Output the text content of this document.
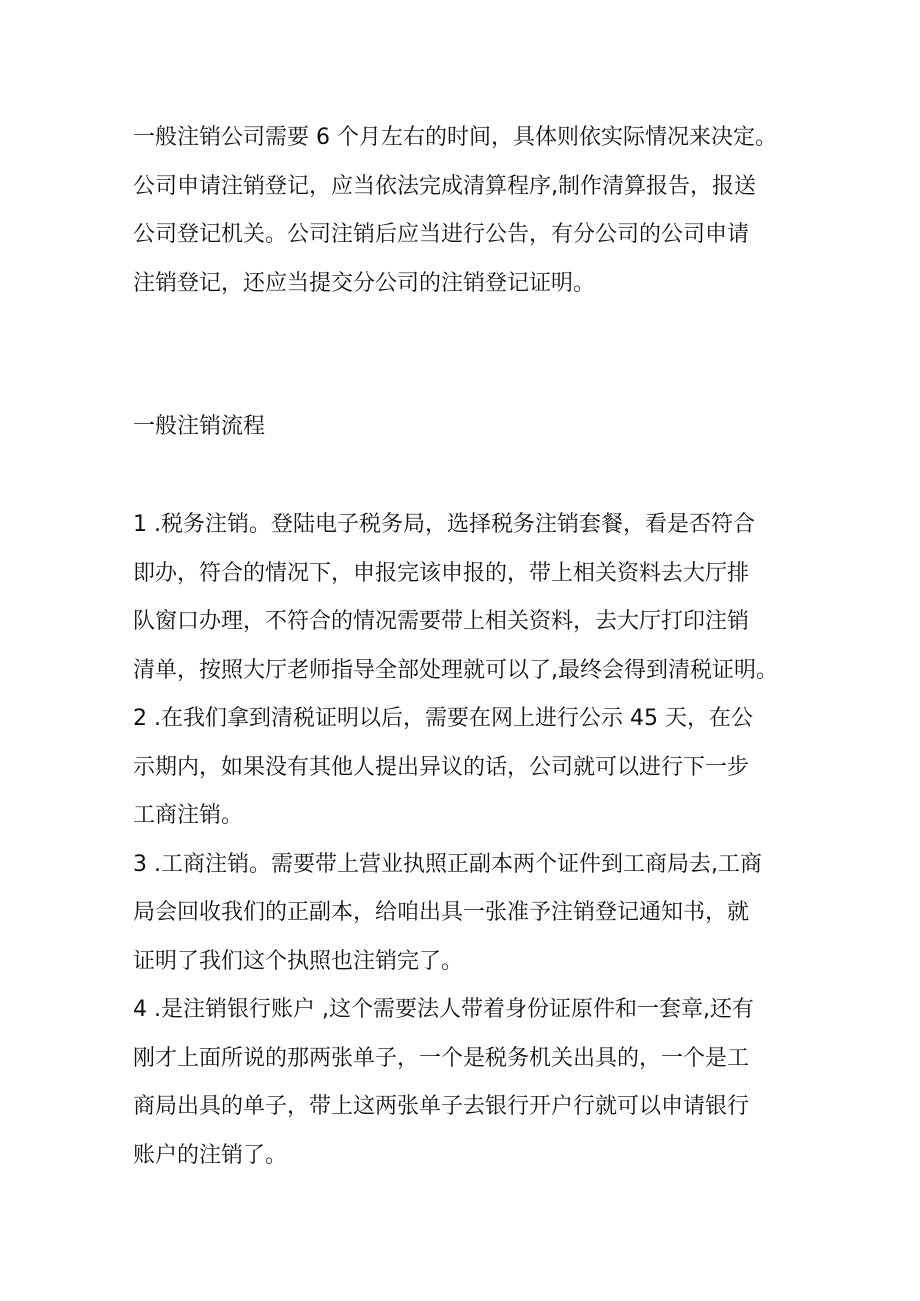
一般注销公司需要 6 个月左右的时间，具体则依实际情况来决定。
公司申请注销登记，应当依法完成清算程序,制作清算报告，报送
公司登记机关。公司注销后应当进行公告，有分公司的公司申请
注销登记，还应当提交分公司的注销登记证明。
一般注销流程
1 .税务注销。登陆电子税务局，选择税务注销套餐，看是否符合
即办，符合的情况下，申报完该申报的，带上相关资料去大厅排
队窗口办理，不符合的情况需要带上相关资料，去大厅打印注销
清单，按照大厅老师指导全部处理就可以了,最终会得到清税证明。
2 .在我们拿到清税证明以后，需要在网上进行公示 45 天，在公
示期内，如果没有其他人提出异议的话，公司就可以进行下一步
工商注销。
3 .工商注销。需要带上营业执照正副本两个证件到工商局去,工商
局会回收我们的正副本，给咱出具一张准予注销登记通知书，就
证明了我们这个执照也注销完了。
4 .是注销银行账户 ,这个需要法人带着身份证原件和一套章,还有
刚才上面所说的那两张单子，一个是税务机关出具的，一个是工
商局出具的单子，带上这两张单子去银行开户行就可以申请银行
账户的注销了。
